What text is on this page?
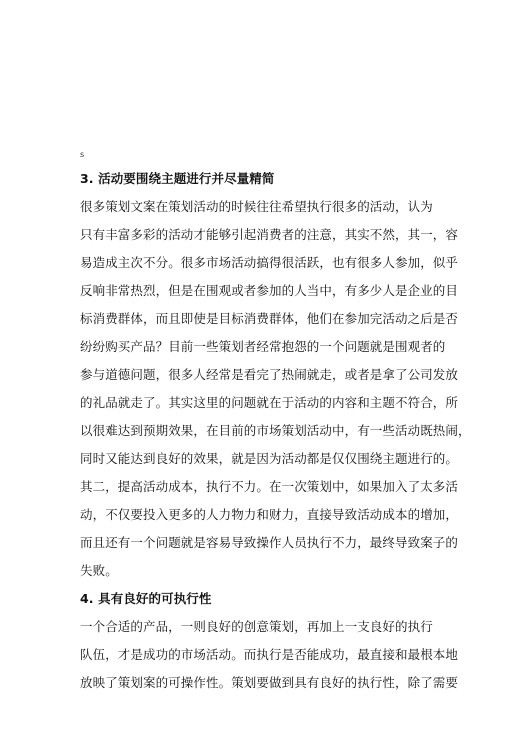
s
3. 活动要围绕主题进行并尽量精简
很多策划文案在策划活动的时候往往希望执行很多的活动，认为
只有丰富多彩的活动才能够引起消费者的注意，其实不然，其一，容
易造成主次不分。很多市场活动搞得很活跃，也有很多人参加，似乎
反响非常热烈，但是在围观或者参加的人当中，有多少人是企业的目
标消费群体，而且即使是目标消费群体，他们在参加完活动之后是否
纷纷购买产品？目前一些策划者经常抱怨的一个问题就是围观者的
参与道德问题，很多人经常是看完了热闹就走，或者是拿了公司发放
的礼品就走了。其实这里的问题就在于活动的内容和主题不符合，所
以很难达到预期效果，在目前的市场策划活动中，有一些活动既热闹，
同时又能达到良好的效果，就是因为活动都是仅仅围绕主题进行的。
其二，提高活动成本，执行不力。在一次策划中，如果加入了太多活
动，不仅要投入更多的人力物力和财力，直接导致活动成本的增加，
而且还有一个问题就是容易导致操作人员执行不力，最终导致案子的
失败。
4. 具有良好的可执行性
一个合适的产品，一则良好的创意策划，再加上一支良好的执行
队伍，才是成功的市场活动。而执行是否能成功，最直接和最根本地
放映了策划案的可操作性。策划要做到具有良好的执行性，除了需要
